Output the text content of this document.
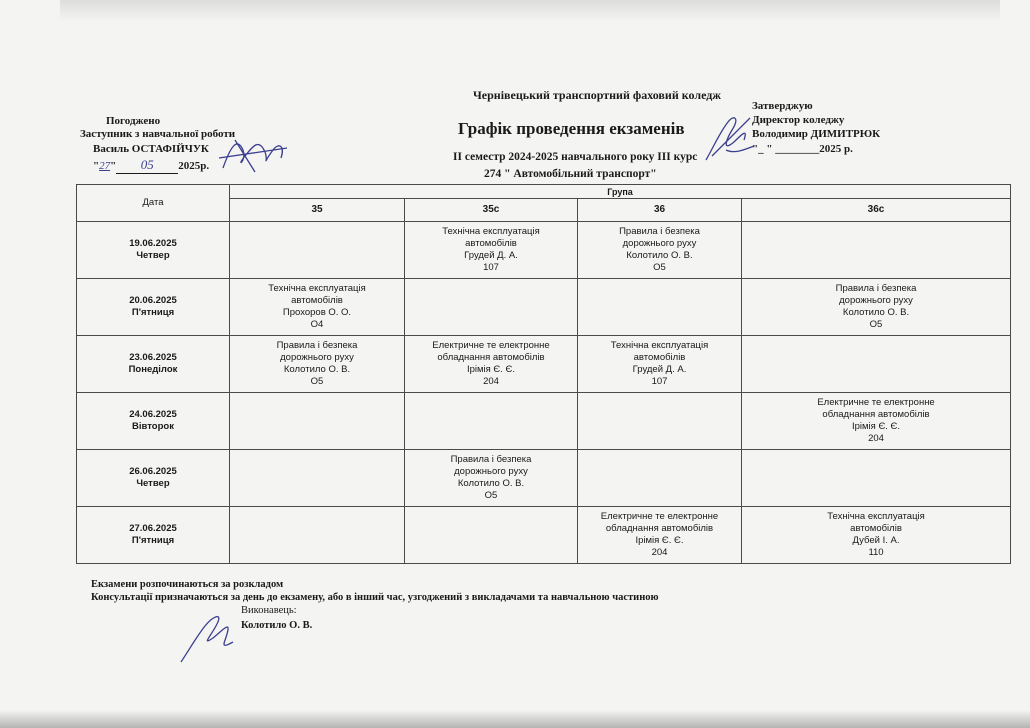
Погоджено
Заступник з навчальної роботи
Василь ОСТАФІЙЧУК
"27" 05 2025р.
Чернівецький транспортний фаховий коледж
Графік проведення екзаменів
ІІ семестр 2024-2025 навчального року ІІІ курс
274 " Автомобільний транспорт"
Затверджую
Директор коледжу
Володимир ДИМИТРЮК
"_ " ________2025 р.
Дата	Група			
	35	35с	36	36с

19.06.2025
Четвер		Технічна експлуатація
автомобілів
Грудей Д. А.
107	Правила і безпека
дорожнього руху
Колотило О. В.
О5	

20.06.2025
П'ятниця	Технічна експлуатація
автомобілів
Прохоров О. О.
О4			Правила і безпека
дорожнього руху
Колотило О. В.
О5

23.06.2025
Понеділок	Правила і безпека
дорожнього руху
Колотило О. В.
О5	Електричне те електронне
обладнання автомобілів
Ірімія Є. Є.
204	Технічна експлуатація
автомобілів
Грудей Д. А.
107	

24.06.2025
Вівторок				Електричне те електронне
обладнання автомобілів
Ірімія Є. Є.
204

26.06.2025
Четвер		Правила і безпека
дорожнього руху
Колотило О. В.
О5		

27.06.2025
П'ятниця			Електричне те електронне
обладнання автомобілів
Ірімія Є. Є.
204	Технічна експлуатація
автомобілів
Дубей І. А.
110
Екзамени розпочинаються за розкладом
Консультації призначаються за день до екзамену, або в інший час, узгоджений з викладачами та навчальною частиною
Виконавець:
Колотило О. В.
